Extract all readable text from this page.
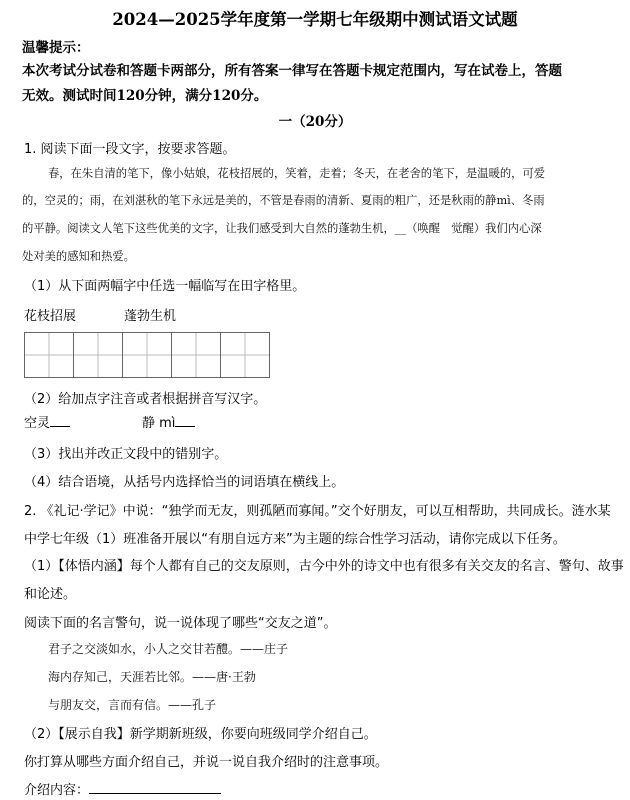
2024—2025学年度第一学期七年级期中测试语文试题
温馨提示：
本次考试分试卷和答题卡两部分，所有答案一律写在答题卡规定范围内，写在试卷上，答题
无效。测试时间120分钟，满分120分。
一（20分）
1. 阅读下面一段文字，按要求答题。
春，在朱自清的笔下，像小姑娘，花枝招展的，笑着，走着；冬天，在老舍的笔下，是温暖的，可爱
的，空灵的；雨，在刘湛秋的笔下永远是美的，不管是春雨的清新、夏雨的粗广，还是秋雨的静mì、冬雨
的平静。阅读文人笔下这些优美的文字，让我们感受到大自然的蓬勃生机，__（唤醒　觉醒）我们内心深
处对美的感知和热爱。
（1）从下面两幅字中任选一幅临写在田字格里。
花枝招展	蓬勃生机
（2）给加点字注音或者根据拼音写汉字。
空灵	静 mì
（3）找出并改正文段中的错别字。
（4）结合语境，从括号内选择恰当的词语填在横线上。
2. 《礼记·学记》中说：“独学而无友，则孤陋而寡闻。”交个好朋友，可以互相帮助，共同成长。涟水某
中学七年级（1）班准备开展以“有朋自远方来”为主题的综合性学习活动，请你完成以下任务。
（1）【体悟内涵】每个人都有自己的交友原则，古今中外的诗文中也有很多有关交友的名言、警句、故事
和论述。
阅读下面的名言警句，说一说体现了哪些“交友之道”。
君子之交淡如水，小人之交甘若醴。——庄子
海内存知己，天涯若比邻。——唐·王勃
与朋友交，言而有信。——孔子
（2）【展示自我】新学期新班级，你要向班级同学介绍自己。
你打算从哪些方面介绍自己，并说一说自我介绍时的注意事项。
介绍内容：
